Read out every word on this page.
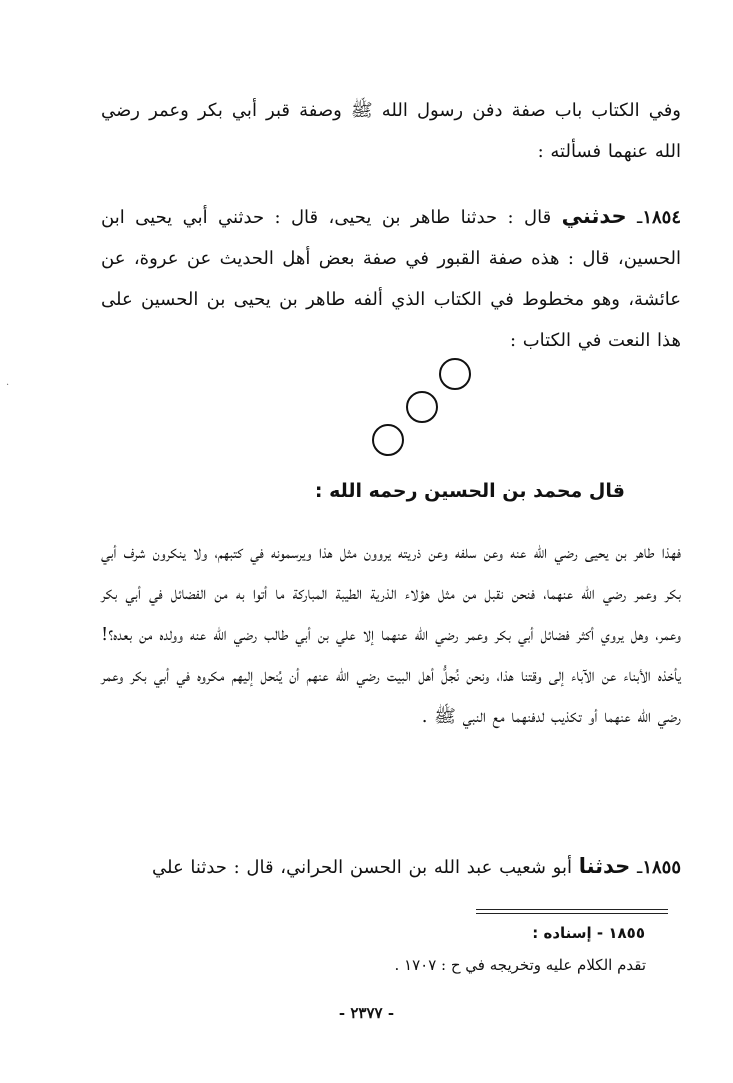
وفي الكتاب باب صفة دفن رسول الله ﷺ وصفة قبر أبي بكر وعمر رضي الله عنهما فسألته :

١٨٥٤ـ حدثني قال : حدثنا طاهر بن يحيى، قال : حدثني أبي يحيى ابن الحسين، قال : هذه صفة القبور في صفة بعض أهل الحديث عن عروة، عن عائشة، وهو مخطوط في الكتاب الذي ألفه طاهر بن يحيى بن الحسين على هذا النعت في الكتاب :

قال محمد بن الحسين رحمه الله :

فهذا طاهر بن يحيى رضي الله عنه وعن سلفه وعن ذريته يروون مثل هذا ويرسمونه في كتبهم، ولا ينكرون شرف أبي بكر وعمر رضي الله عنهما، فنحن نقبل من مثل هؤلاء الذرية الطيبة المباركة ما أتوا به من الفضائل في أبي بكر وعمر، وهل يروي أكثر فضائل أبي بكر وعمر رضي الله عنهما إلا علي بن أبي طالب رضي الله عنه وولده من بعده؟! يأخذه الأبناء عن الآباء إلى وقتنا هذا، ونحن نُجلُّ أهل البيت رضي الله عنهم أن يُنحل إليهم مكروه في أبي بكر وعمر رضي الله عنهما أو تكذيب لدفنهما مع النبي ﷺ .

١٨٥٥ـ حدثنا أبو شعيب عبد الله بن الحسن الحراني، قال : حدثنا علي

١٨٥٥ - إسناده :

تقدم الكلام عليه وتخريجه في ح : ١٧٠٧ .

- ٢٣٧٧ -

·
